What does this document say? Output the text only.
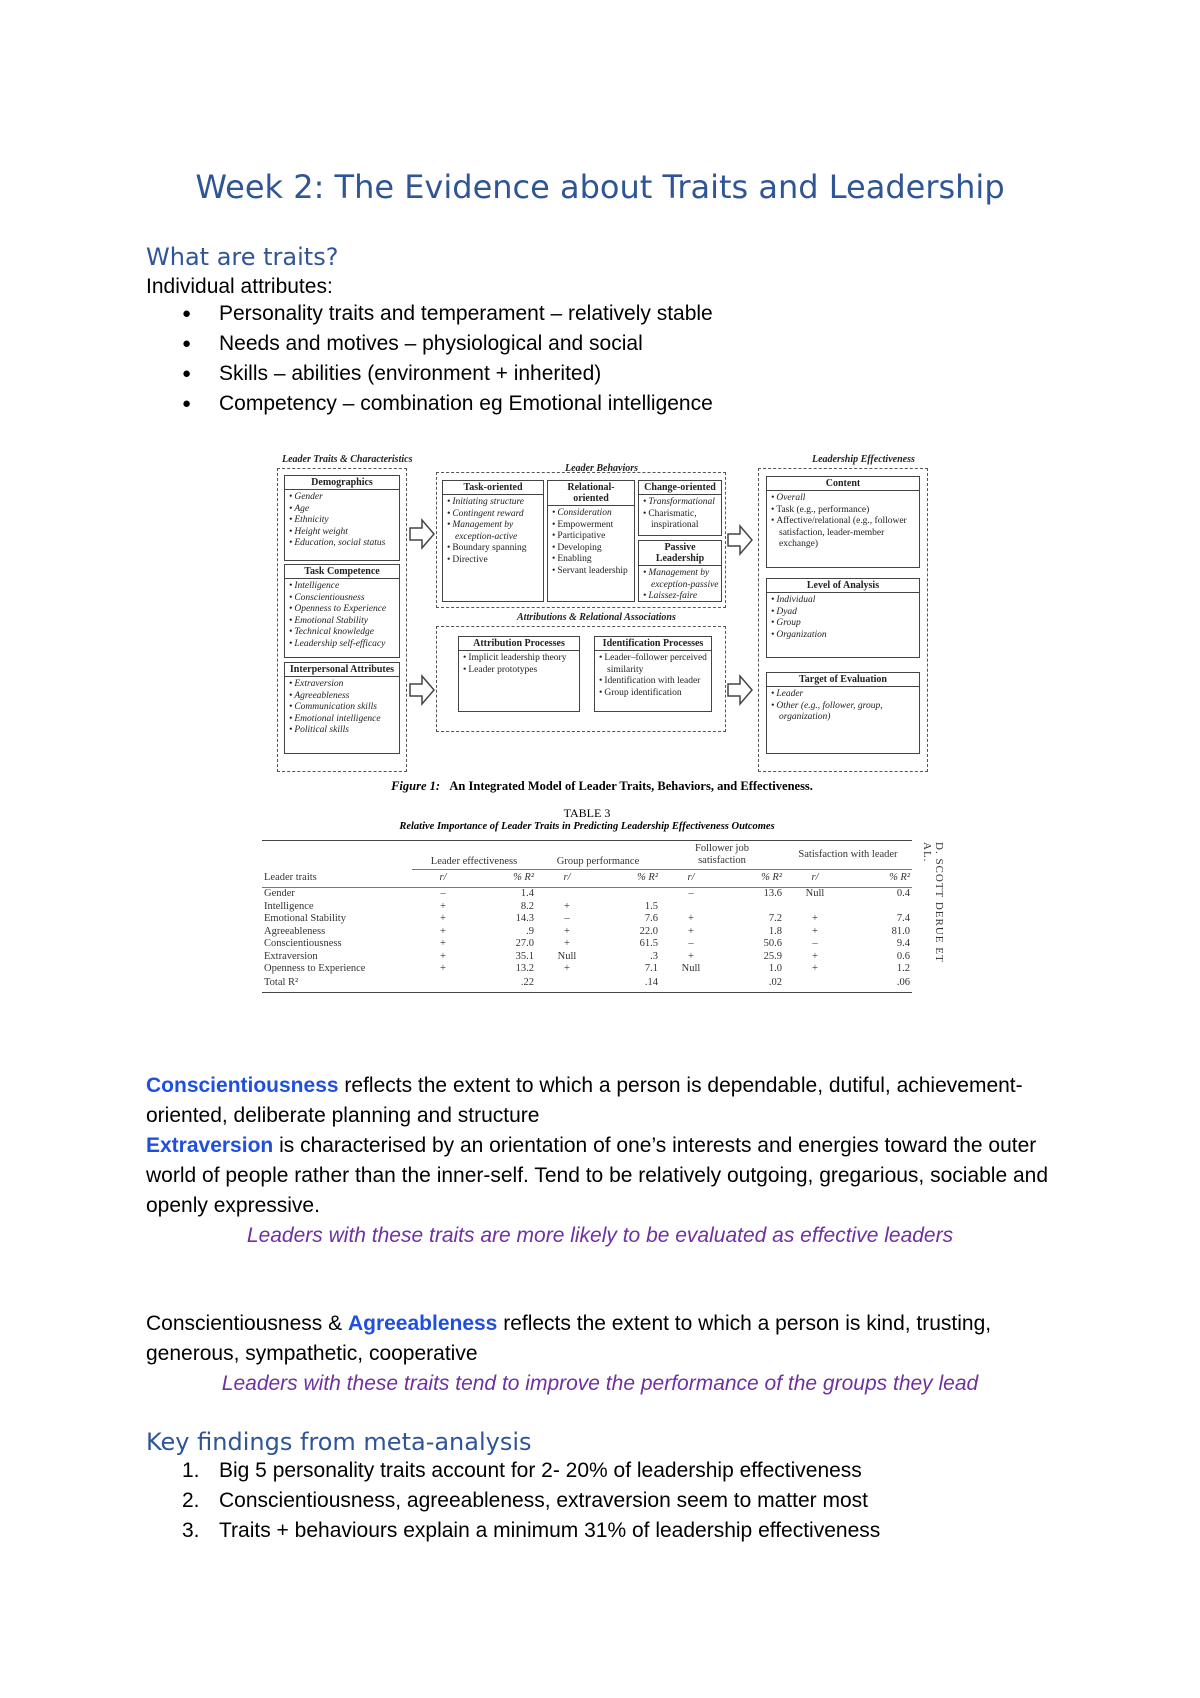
Week 2: The Evidence about Traits and Leadership
What are traits?
Individual attributes:
● Personality traits and temperament – relatively stable
● Needs and motives – physiological and social
● Skills – abilities (environment + inherited)
● Competency – combination eg Emotional intelligence
Leader Traits & Characteristics
Leader Behaviors
Leadership Effectiveness
Attributions & Relational Associations
Demographics
• Gender
• Age
• Ethnicity
• Height weight
• Education, social status
Task Competence
• Intelligence
• Conscientiousness
• Openness to Experience
• Emotional Stability
• Technical knowledge
• Leadership self-efficacy
Interpersonal Attributes
• Extraversion
• Agreeableness
• Communication skills
• Emotional intelligence
• Political skills
Task-oriented
• Initiating structure
• Contingent reward
• Management by exception-active
• Boundary spanning
• Directive
Relational-oriented
• Consideration
• Empowerment
• Participative
• Developing
• Enabling
• Servant leadership
Change-oriented
• Transformational
• Charismatic, inspirational
Passive Leadership
• Management by exception-passive
• Laissez-faire
Attribution Processes
• Implicit leadership theory
• Leader prototypes
Identification Processes
• Leader–follower perceived similarity
• Identification with leader
• Group identification
Content
• Overall
• Task (e.g., performance)
• Affective/relational (e.g., follower satisfaction, leader-member exchange)
Level of Analysis
• Individual
• Dyad
• Group
• Organization
Target of Evaluation
• Leader
• Other (e.g., follower, group, organization)
Figure 1: An Integrated Model of Leader Traits, Behaviors, and Effectiveness.
TABLE 3
Relative Importance of Leader Traits in Predicting Leadership Effectiveness Outcomes
	Leader effectiveness		Group performance		Follower job satisfaction		Satisfaction with leader	
Leader traits	r/	% R²	r/	% R²	r/	% R²	r/	% R²
Gender	–	1.4			–	13.6	Null	0.4
Intelligence	+	8.2	+	1.5				
Emotional Stability	+	14.3	–	7.6	+	7.2	+	7.4
Agreeableness	+	.9	+	22.0	+	1.8	+	81.0
Conscientiousness	+	27.0	+	61.5	–	50.6	–	9.4
Extraversion	+	35.1	Null	.3	+	25.9	+	0.6
Openness to Experience	+	13.2	+	7.1	Null	1.0	+	1.2
Total R²		.22		.14		.02		.06
D. SCOTT DERUE ET AL.
Conscientiousness reflects the extent to which a person is dependable, dutiful, achievement-oriented, deliberate planning and structure
Extraversion is characterised by an orientation of one’s interests and energies toward the outer world of people rather than the inner-self. Tend to be relatively outgoing, gregarious, sociable and openly expressive.
Leaders with these traits are more likely to be evaluated as effective leaders
Conscientiousness & Agreeableness reflects the extent to which a person is kind, trusting, generous, sympathetic, cooperative
Leaders with these traits tend to improve the performance of the groups they lead
Key findings from meta-analysis
1. Big 5 personality traits account for 2- 20% of leadership effectiveness
2. Conscientiousness, agreeableness, extraversion seem to matter most
3. Traits + behaviours explain a minimum 31% of leadership effectiveness
